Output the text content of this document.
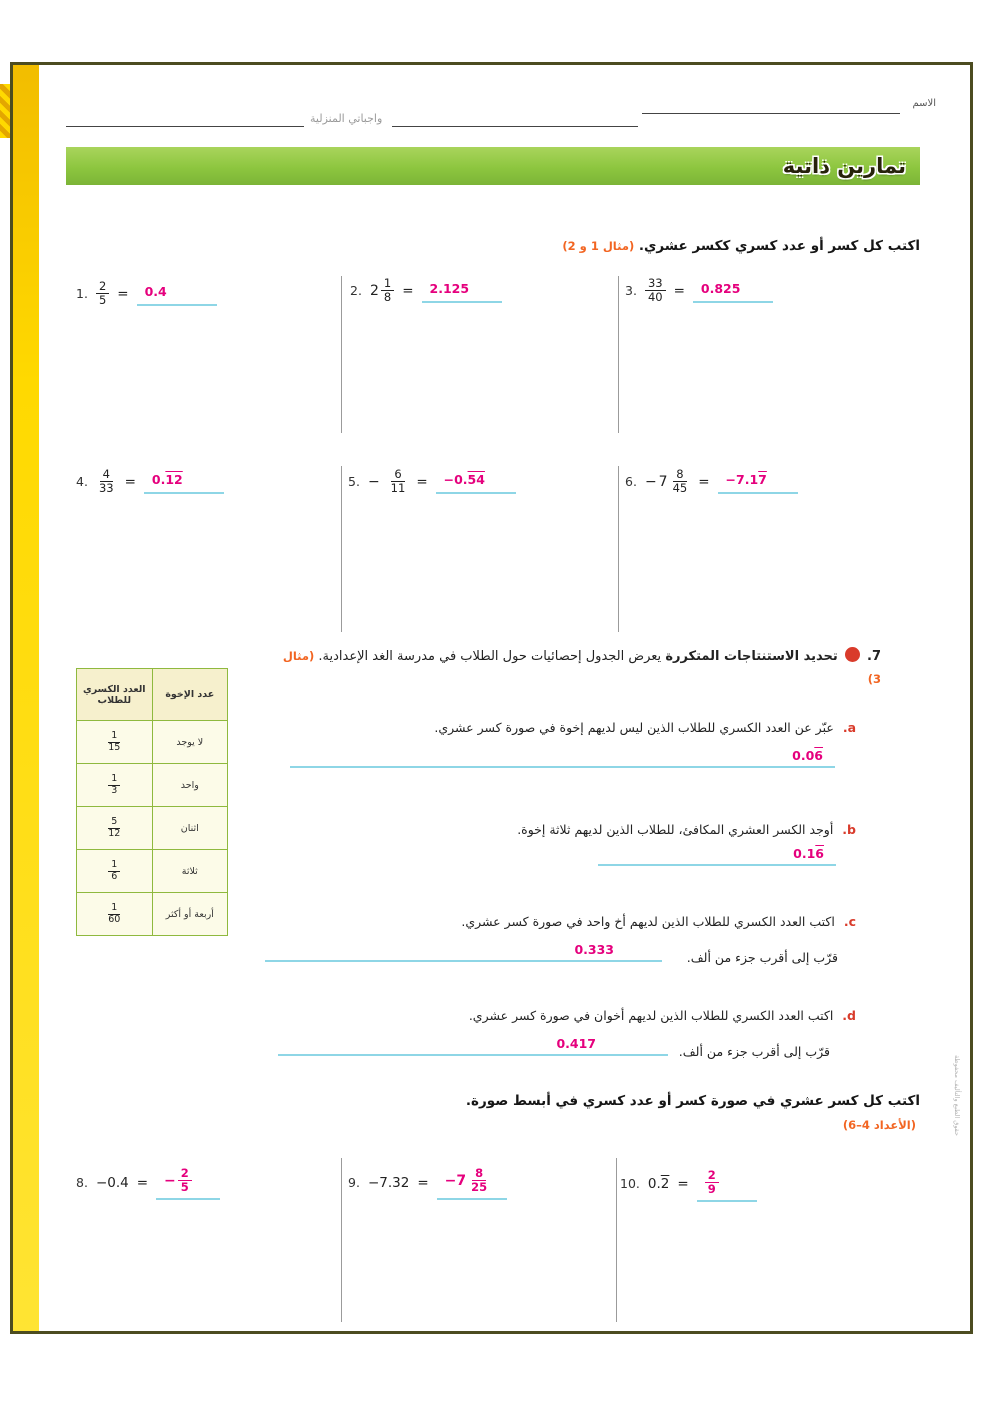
الاسم
واجباتي المنزلية
تمارين ذاتية
اكتب كل كسر أو عدد كسري ككسر عشري. (مثال 1 و 2)
1. $\frac{2}{5}$ =	0.4	2. $2 \frac{1}{8}$ =	2.125	3. $\frac{33}{40}$ =	0.825
4. $\frac{4}{33}$ =	0.12	5. − $\frac{6}{11}$ =	−0.54	6. − $7 \frac{8}{45}$ =	−7.17
7.  تحديد الاستنتاجات المتكررة يعرض الجدول إحصائيات حول الطلاب في مدرسة الغد الإعدادية. (مثال 3)
عدد الإخوة	العدد الكسري للطلاب
لا يوجد	$\frac{1}{15}$

واحد	$\frac{1}{3}$

اثنان	$\frac{5}{12}$

ثلاثة	$\frac{1}{6}$

أربعة أو أكثر	$\frac{1}{60}$
a. عبّر عن العدد الكسري للطلاب الذين ليس لديهم إخوة في صورة كسر عشري.
0.06
b. أوجد الكسر العشري المكافئ، للطلاب الذين لديهم ثلاثة إخوة.
0.16
c. اكتب العدد الكسري للطلاب الذين لديهم أخ واحد في صورة كسر عشري.
قرّب إلى أقرب جزء من ألف.
0.333
d. اكتب العدد الكسري للطلاب الذين لديهم أخوان في صورة كسر عشري.
قرّب إلى أقرب جزء من ألف.
0.417
اكتب كل كسر عشري في صورة كسر أو عدد كسري في أبسط صورة.
(الأعداد 4–6)
8. −0.4 = − $\frac{2}{5}$	9. $-7.32 = -7 \frac{8}{25}$	10. $0.2 = \frac{2}{9}$
حقوق الطبع والتأليف محفوظة
